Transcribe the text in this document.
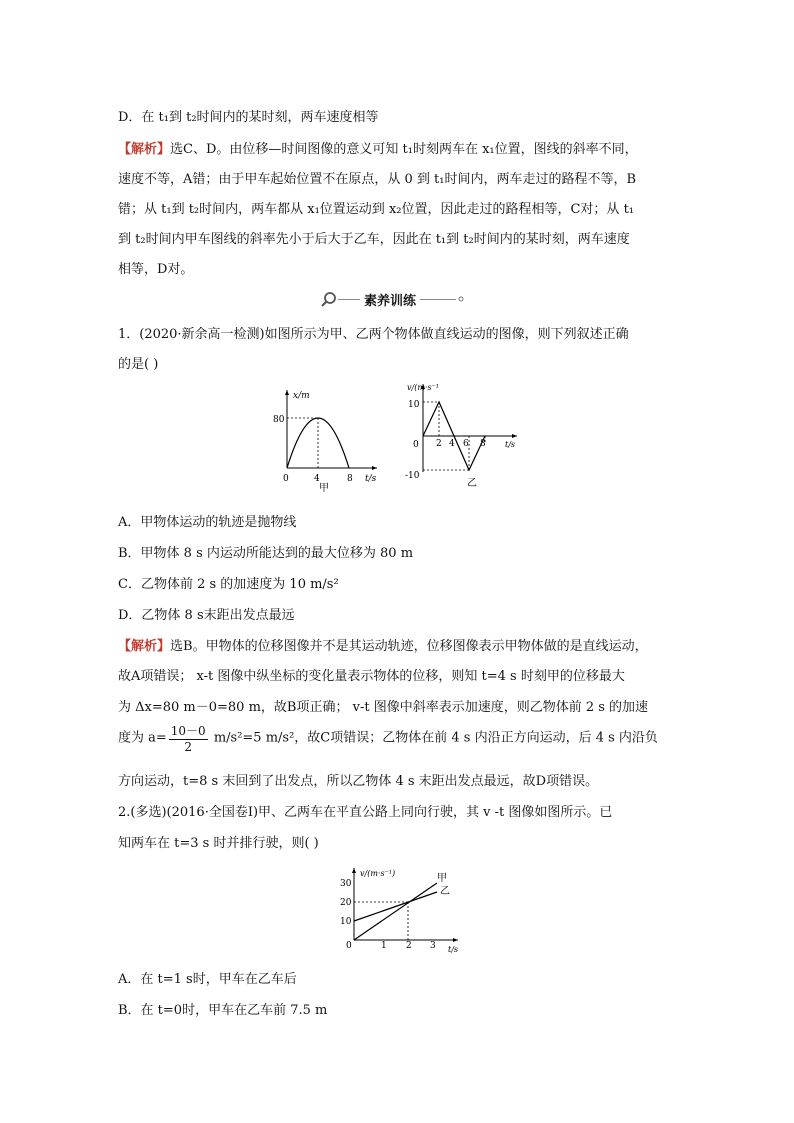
D．在 t₁到 t₂时间内的某时刻，两车速度相等
【解析】选C、D。由位移—时间图像的意义可知 t₁时刻两车在 x₁位置，图线的斜率不同，
速度不等，A错；由于甲车起始位置不在原点，从 0 到 t₁时间内，两车走过的路程不等，B
错；从 t₁到 t₂时间内，两车都从 x₁位置运动到 x₂位置，因此走过的路程相等，C对；从 t₁
到 t₂时间内甲车图线的斜率先小于后大于乙车，因此在 t₁到 t₂时间内的某时刻，两车速度
相等，D对。
素养训练
1．(2020·新余高一检测)如图所示为甲、乙两个物体做直线运动的图像，则下列叙述正确
的是( )
x/m
t/s
80
0	4	8
甲
v/(m·s⁻¹
t/s
10
0
-10
2 4 6 8
乙
A．甲物体运动的轨迹是抛物线
B．甲物体 8 s 内运动所能达到的最大位移为 80 m
C．乙物体前 2 s 的加速度为 10 m/s²
D．乙物体 8 s末距出发点最远
【解析】选B。甲物体的位移图像并不是其运动轨迹，位移图像表示甲物体做的是直线运动，
故A项错误； x-t 图像中纵坐标的变化量表示物体的位移，则知 t=4 s 时刻甲的位移最大
为 Δx=80 m－0=80 m，故B项正确； v-t 图像中斜率表示加速度，则乙物体前 2 s 的加速
度为 $a= \frac{10-0}{2} m/s^2=5$ m/s²，故C项错误；乙物体在前 4 s 内沿正方向运动，后 4 s 内沿负
方向运动，t=8 s 末回到了出发点，所以乙物体 4 s 末距出发点最远，故D项错误。
2.(多选)(2016·全国卷Ⅰ)甲、乙两车在平直公路上同向行驶，其 v -t 图像如图所示。已
知两车在 t=3 s 时并排行驶，则( )
v/(m·s⁻¹)
t/s
30
20
10
0	1 2 3
甲
乙
A．在 t=1 s时，甲车在乙车后
B．在 t=0时，甲车在乙车前 7.5 m
